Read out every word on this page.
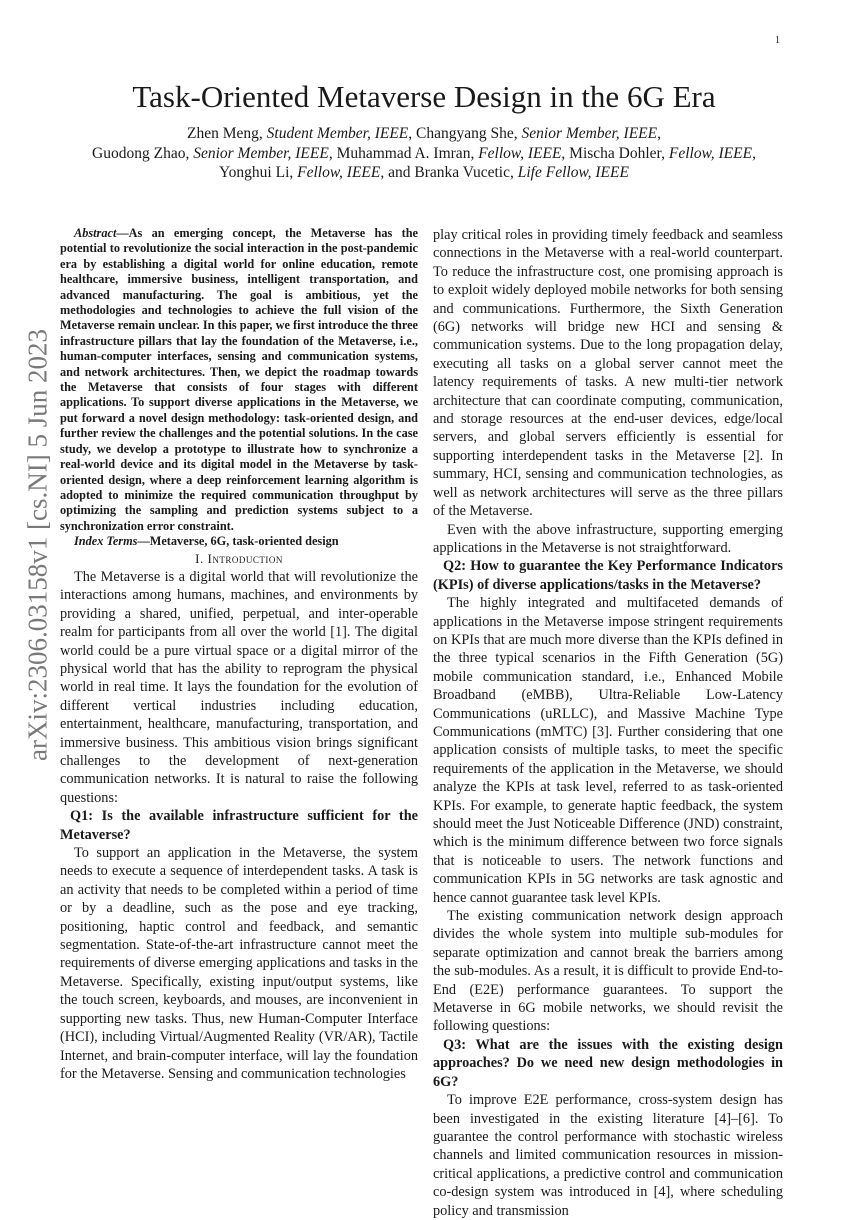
1
arXiv:2306.03158v1 [cs.NI] 5 Jun 2023
Task-Oriented Metaverse Design in the 6G Era
Zhen Meng, Student Member, IEEE, Changyang She, Senior Member, IEEE,
Guodong Zhao, Senior Member, IEEE, Muhammad A. Imran, Fellow, IEEE, Mischa Dohler, Fellow, IEEE,
Yonghui Li, Fellow, IEEE, and Branka Vucetic, Life Fellow, IEEE

Abstract—As an emerging concept, the Metaverse has the potential to revolutionize the social interaction in the post-pandemic era by establishing a digital world for online education, remote healthcare, immersive business, intelligent transportation, and advanced manufacturing. The goal is ambitious, yet the methodologies and technologies to achieve the full vision of the Metaverse remain unclear. In this paper, we first introduce the three infrastructure pillars that lay the foundation of the Metaverse, i.e., human-computer interfaces, sensing and communication systems, and network architectures. Then, we depict the roadmap towards the Metaverse that consists of four stages with different applications. To support diverse applications in the Metaverse, we put forward a novel design methodology: task-oriented design, and further review the challenges and the potential solutions. In the case study, we develop a prototype to illustrate how to synchronize a real-world device and its digital model in the Metaverse by task-oriented design, where a deep reinforcement learning algorithm is adopted to minimize the required communication throughput by optimizing the sampling and prediction systems subject to a synchronization error constraint.

Index Terms—Metaverse, 6G, task-oriented design

I. Introduction

The Metaverse is a digital world that will revolutionize the interactions among humans, machines, and environments by providing a shared, unified, perpetual, and inter-operable realm for participants from all over the world [1]. The digital world could be a pure virtual space or a digital mirror of the physical world that has the ability to reprogram the physical world in real time. It lays the foundation for the evolution of different vertical industries including education, entertainment, healthcare, manufacturing, transportation, and immersive business. This ambitious vision brings significant challenges to the development of next-generation communication networks. It is natural to raise the following questions:

Q1: Is the available infrastructure sufficient for the Metaverse?

To support an application in the Metaverse, the system needs to execute a sequence of interdependent tasks. A task is an activity that needs to be completed within a period of time or by a deadline, such as the pose and eye tracking, positioning, haptic control and feedback, and semantic segmentation. State-of-the-art infrastructure cannot meet the requirements of diverse emerging applications and tasks in the Metaverse. Specifically, existing input/output systems, like the touch screen, keyboards, and mouses, are inconvenient in supporting new tasks. Thus, new Human-Computer Interface (HCI), including Virtual/Augmented Reality (VR/AR), Tactile Internet, and brain-computer interface, will lay the foundation for the Metaverse. Sensing and communication technologies

play critical roles in providing timely feedback and seamless connections in the Metaverse with a real-world counterpart. To reduce the infrastructure cost, one promising approach is to exploit widely deployed mobile networks for both sensing and communications. Furthermore, the Sixth Generation (6G) networks will bridge new HCI and sensing & communication systems. Due to the long propagation delay, executing all tasks on a global server cannot meet the latency requirements of tasks. A new multi-tier network architecture that can coordinate computing, communication, and storage resources at the end-user devices, edge/local servers, and global servers efficiently is essential for supporting interdependent tasks in the Metaverse [2]. In summary, HCI, sensing and communication technologies, as well as network architectures will serve as the three pillars of the Metaverse.

Even with the above infrastructure, supporting emerging applications in the Metaverse is not straightforward.

Q2: How to guarantee the Key Performance Indicators (KPIs) of diverse applications/tasks in the Metaverse?

The highly integrated and multifaceted demands of applications in the Metaverse impose stringent requirements on KPIs that are much more diverse than the KPIs defined in the three typical scenarios in the Fifth Generation (5G) mobile communication standard, i.e., Enhanced Mobile Broadband (eMBB), Ultra-Reliable Low-Latency Communications (uRLLC), and Massive Machine Type Communications (mMTC) [3]. Further considering that one application consists of multiple tasks, to meet the specific requirements of the application in the Metaverse, we should analyze the KPIs at task level, referred to as task-oriented KPIs. For example, to generate haptic feedback, the system should meet the Just Noticeable Difference (JND) constraint, which is the minimum difference between two force signals that is noticeable to users. The network functions and communication KPIs in 5G networks are task agnostic and hence cannot guarantee task level KPIs.

The existing communication network design approach divides the whole system into multiple sub-modules for separate optimization and cannot break the barriers among the sub-modules. As a result, it is difficult to provide End-to-End (E2E) performance guarantees. To support the Metaverse in 6G mobile networks, we should revisit the following questions:

Q3: What are the issues with the existing design approaches? Do we need new design methodologies in 6G?

To improve E2E performance, cross-system design has been investigated in the existing literature [4]–[6]. To guarantee the control performance with stochastic wireless channels and limited communication resources in mission-critical applications, a predictive control and communication co-design system was introduced in [4], where scheduling policy and transmission
